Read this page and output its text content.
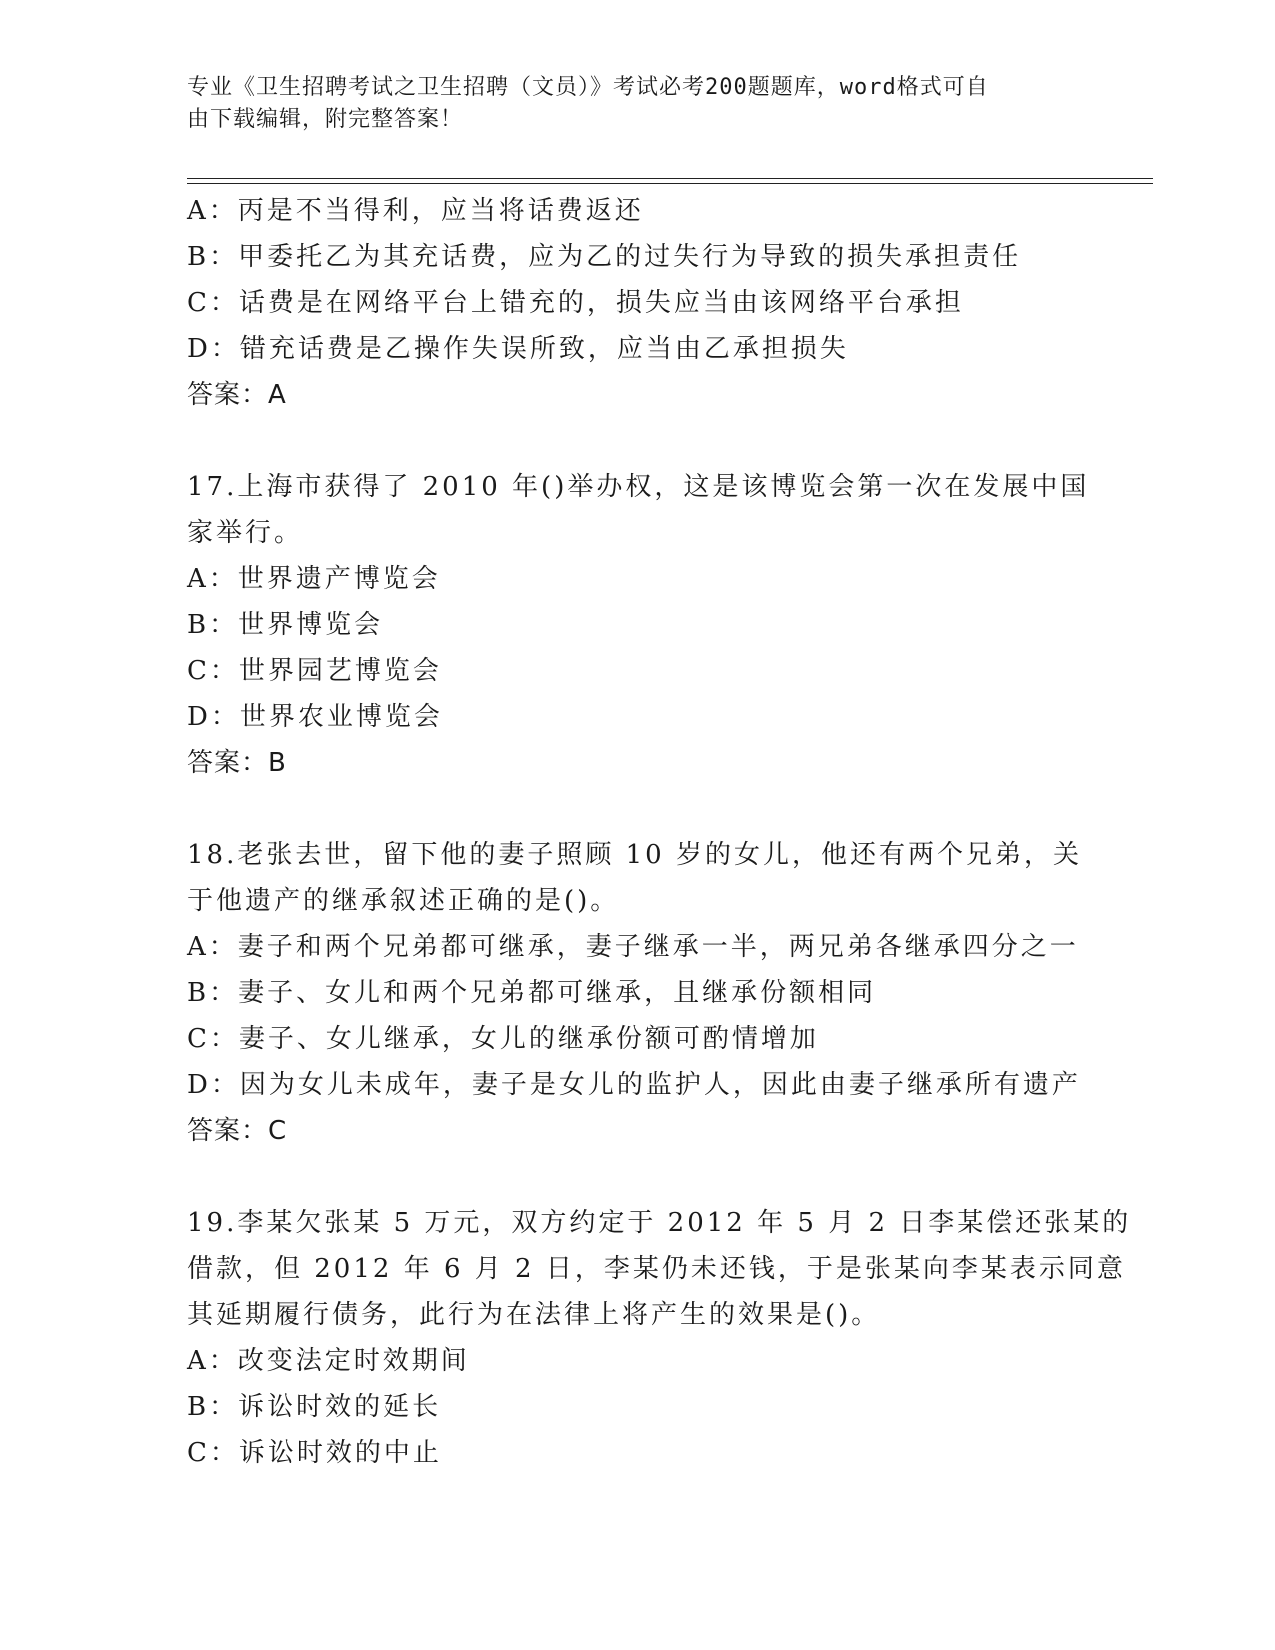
专业《卫生招聘考试之卫生招聘（文员）》考试必考200题题库，word格式可自
由下载编辑，附完整答案！
A：丙是不当得利，应当将话费返还
B：甲委托乙为其充话费，应为乙的过失行为导致的损失承担责任
C：话费是在网络平台上错充的，损失应当由该网络平台承担
D：错充话费是乙操作失误所致，应当由乙承担损失
答案：A
17.上海市获得了 2010 年()举办权，这是该博览会第一次在发展中国
家举行。
A：世界遗产博览会
B：世界博览会
C：世界园艺博览会
D：世界农业博览会
答案：B
18.老张去世，留下他的妻子照顾 10 岁的女儿，他还有两个兄弟，关
于他遗产的继承叙述正确的是()。
A：妻子和两个兄弟都可继承，妻子继承一半，两兄弟各继承四分之一
B：妻子、女儿和两个兄弟都可继承，且继承份额相同
C：妻子、女儿继承，女儿的继承份额可酌情增加
D：因为女儿未成年，妻子是女儿的监护人，因此由妻子继承所有遗产
答案：C
19.李某欠张某 5 万元，双方约定于 2012 年 5 月 2 日李某偿还张某的
借款，但 2012 年 6 月 2 日，李某仍未还钱，于是张某向李某表示同意
其延期履行债务，此行为在法律上将产生的效果是()。
A：改变法定时效期间
B：诉讼时效的延长
C：诉讼时效的中止
